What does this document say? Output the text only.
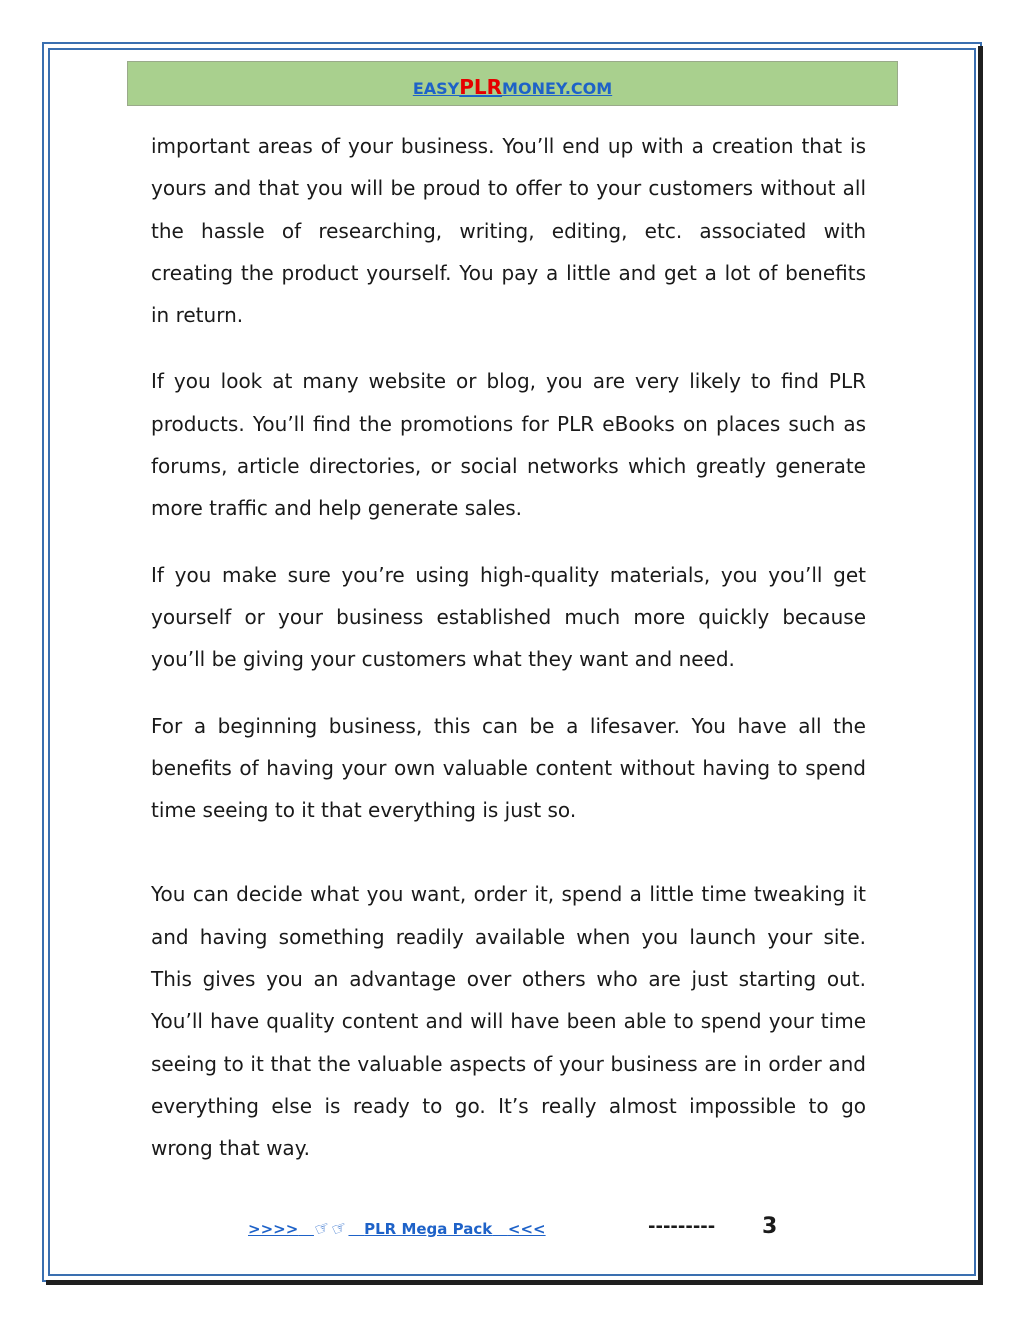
EASYPLRMONEY.COM

important areas of your business. You’ll end up with a creation that is yours and that you will be proud to offer to your customers without all the hassle of researching, writing, editing, etc. associated with creating the product yourself. You pay a little and get a lot of benefits in return.

If you look at many website or blog, you are very likely to find PLR products. You’ll find the promotions for PLR eBooks on places such as forums, article directories, or social networks which greatly generate more traffic and help generate sales.

If you make sure you’re using high-quality materials, you you’ll get yourself or your business established much more quickly because you’ll be giving your customers what they want and need.

For a beginning business, this can be a lifesaver. You have all the benefits of having your own valuable content without having to spend time seeing to it that everything is just so.

You can decide what you want, order it, spend a little time tweaking it and having something readily available when you launch your site. This gives you an advantage over others who are just starting out. You’ll have quality content and will have been able to spend your time seeing to it that the valuable aspects of your business are in order and everything else is ready to go. It’s really almost impossible to go wrong that way.

>>>> ☞☞ PLR Mega Pack <<<	--------- 3
